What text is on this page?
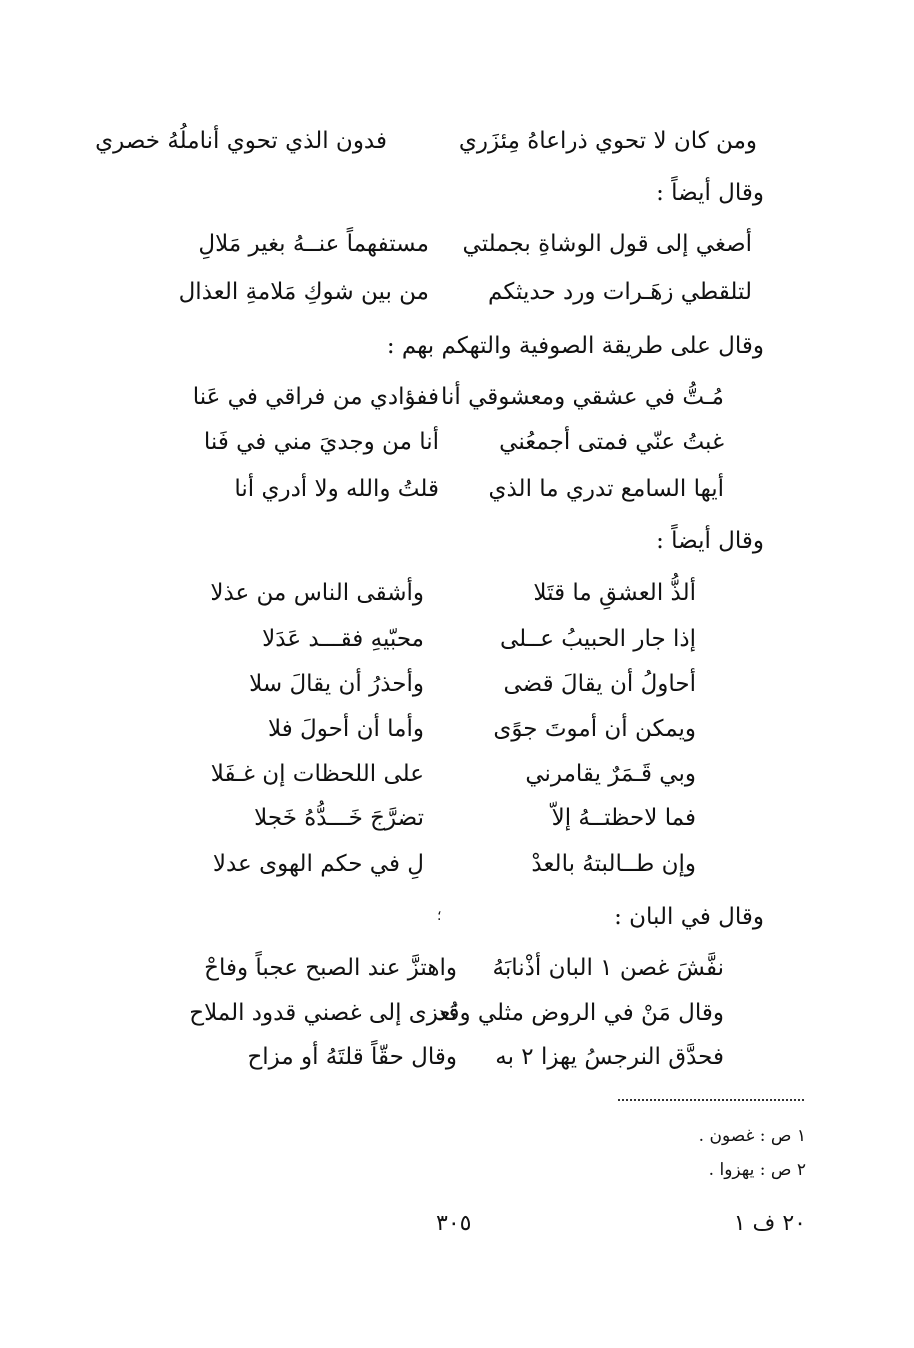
ومن كان لا تحوي ذراعاهُ مِئزَري
فدون الذي تحوي أناملُهُ خصري
وقال أيضاً :
أصغي إلى قول الوشاةِ بجملتي
مستفهماً عنــهُ بغير مَلالِ
لتلقطي زهَـرات ورد حديثكم
من بين شوكِ مَلامةِ العذال
وقال على طريقة الصوفية والتهكم بهم :
مُـتُّ في عشقي ومعشوقي أنا
ففؤادي من فراقي في عَنا
غبتُ عنّي فمتى أجمعُني
أنا من وجديَ مني في فَنا
أيها السامع تدري ما الذي
قلتُ والله ولا أدري أنا
وقال أيضاً :
ألذُّ العشقِ ما قتَلا
وأشقى الناس من عذلا
إذا جار الحبيبُ عــلى
محبّيهِ فقـــد عَدَلا
أحاولُ أن يقالَ قضى
وأحذرُ أن يقالَ سلا
ويمكن أن أموتَ جوًى
وأما أن أحولَ فلا
وبي قَـمَرٌ يقامرني
على اللحظات إن غـفَلا
فما لاحظتــهُ إلاّ
تضرَّجَ خَـــدُّهُ خَجلا
وإن طــالبتهُ بالعدْ
لِ في حكم الهوى عدلا
وقال في البان :
؛
نفَّشَ غصن ١ البان أذْنابَهُ
واهتزَّ عند الصبح عجباً وفاحْ
وقال مَنْ في الروض مثلي وقد
تُعزى إلى غصني قدود الملاح
فحدَّق النرجسُ يهزا ٢ به
وقال حقّاً قلتَهُ أو مزاح
١ ص : غصون .
٢ ص : يهزوا .
٢٠ ف ١
٣٠٥
